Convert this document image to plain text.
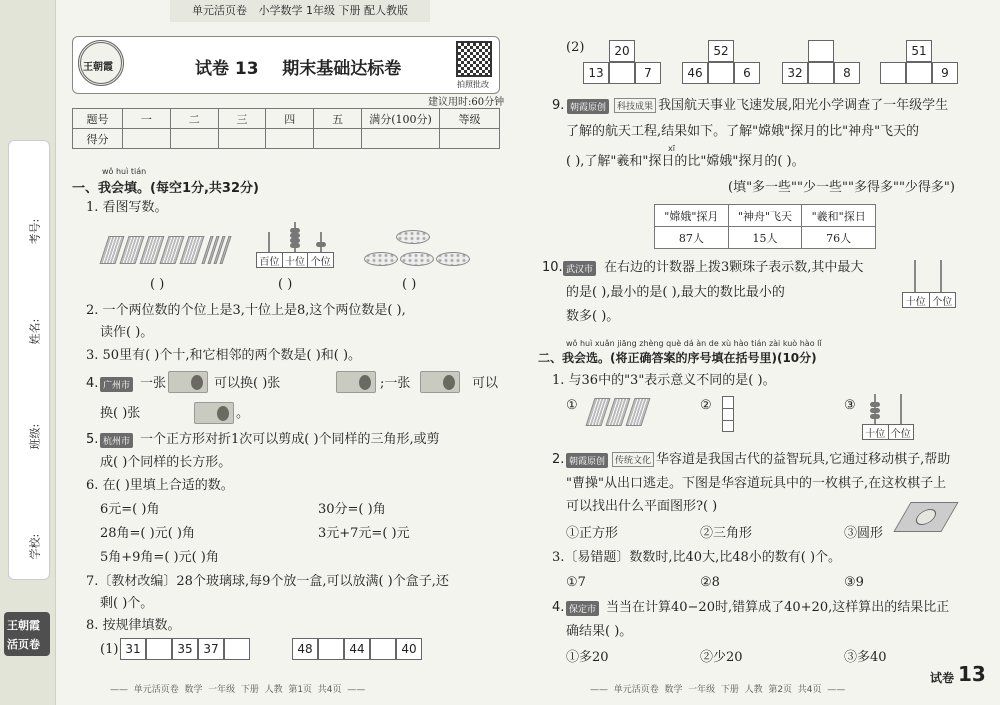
考号:
姓名:
班级:
学校:
王朝霞
活页卷
单元活页卷 小学数学 1年级 下册 配人教版
王朝霞	试卷 13    期末基础达标卷
拍照批改
建议用时:60分钟
题号	一	二	三	四	五	满分(100分)	等级
得分							
wǒ huì tián
一、我会填。(每空1分,共32分)
1. 看图写数。
百位 十位 个位
( )	( )	( )
2. 一个两位数的个位上是3,十位上是8,这个两位数是( ),
读作( )。
3. 50里有( )个十,和它相邻的两个数是( )和( )。
4. 广州市 一张	可以换( )张	;一张	可以
换( )张	。
5. 杭州市 一个正方形对折1次可以剪成( )个同样的三角形,或剪
成( )个同样的长方形。
6. 在( )里填上合适的数。
6元=( )角	30分=( )角
28角=( )元( )角	3元+7元=( )元
5角+9角=( )元( )角
7.〔教材改编〕28个玻璃球,每9个放一盒,可以放满( )个盒子,还
剩( )个。
8. 按规律填数。
(1) 31	35 37	48	44	40
——  单元活页卷  数学  一年级  下册  人教  第1页  共4页  ——
(2)	20
13	7
52
46	6	32	8
51
9
9. 朝霞原创	科技成果 我国航天事业飞速发展,阳光小学调查了一年级学生
了解的航天工程,结果如下。了解"嫦娥"探月的比"神舟"飞天的
xī
( ),了解"羲和"探日的比"嫦娥"探月的( )。
(填"多一些""少一些""多得多""少得多")
"嫦娥"探月	"神舟"飞天	"羲和"探日
87人	15人	76人
10. 武汉市 在右边的计数器上拨3颗珠子表示数,其中最大
的是( ),最小的是( ),最大的数比最小的
数多( )。
十位 个位
wǒ huì xuǎn jiāng zhèng què dá àn de xù hào tián zài kuò hào lǐ
二、我会选。(将正确答案的序号填在括号里)(10分)
1. 与36中的"3"表示意义不同的是( )。
①	②	③
十位 个位
2. 朝霞原创	传统文化 华容道是我国古代的益智玩具,它通过移动棋子,帮助
"曹操"从出口逃走。下图是华容道玩具中的一枚棋子,在这枚棋子上
可以找出什么平面图形?( )
①正方形	②三角形	③圆形
3.〔易错题〕数数时,比40大,比48小的数有( )个。
①7	②8	③9
4. 保定市 当当在计算40−20时,错算成了40+20,这样算出的结果比正
确结果( )。
①多20	②少20	③多40
——  单元活页卷  数学  一年级  下册  人教  第2页  共4页  ——
试卷 13
